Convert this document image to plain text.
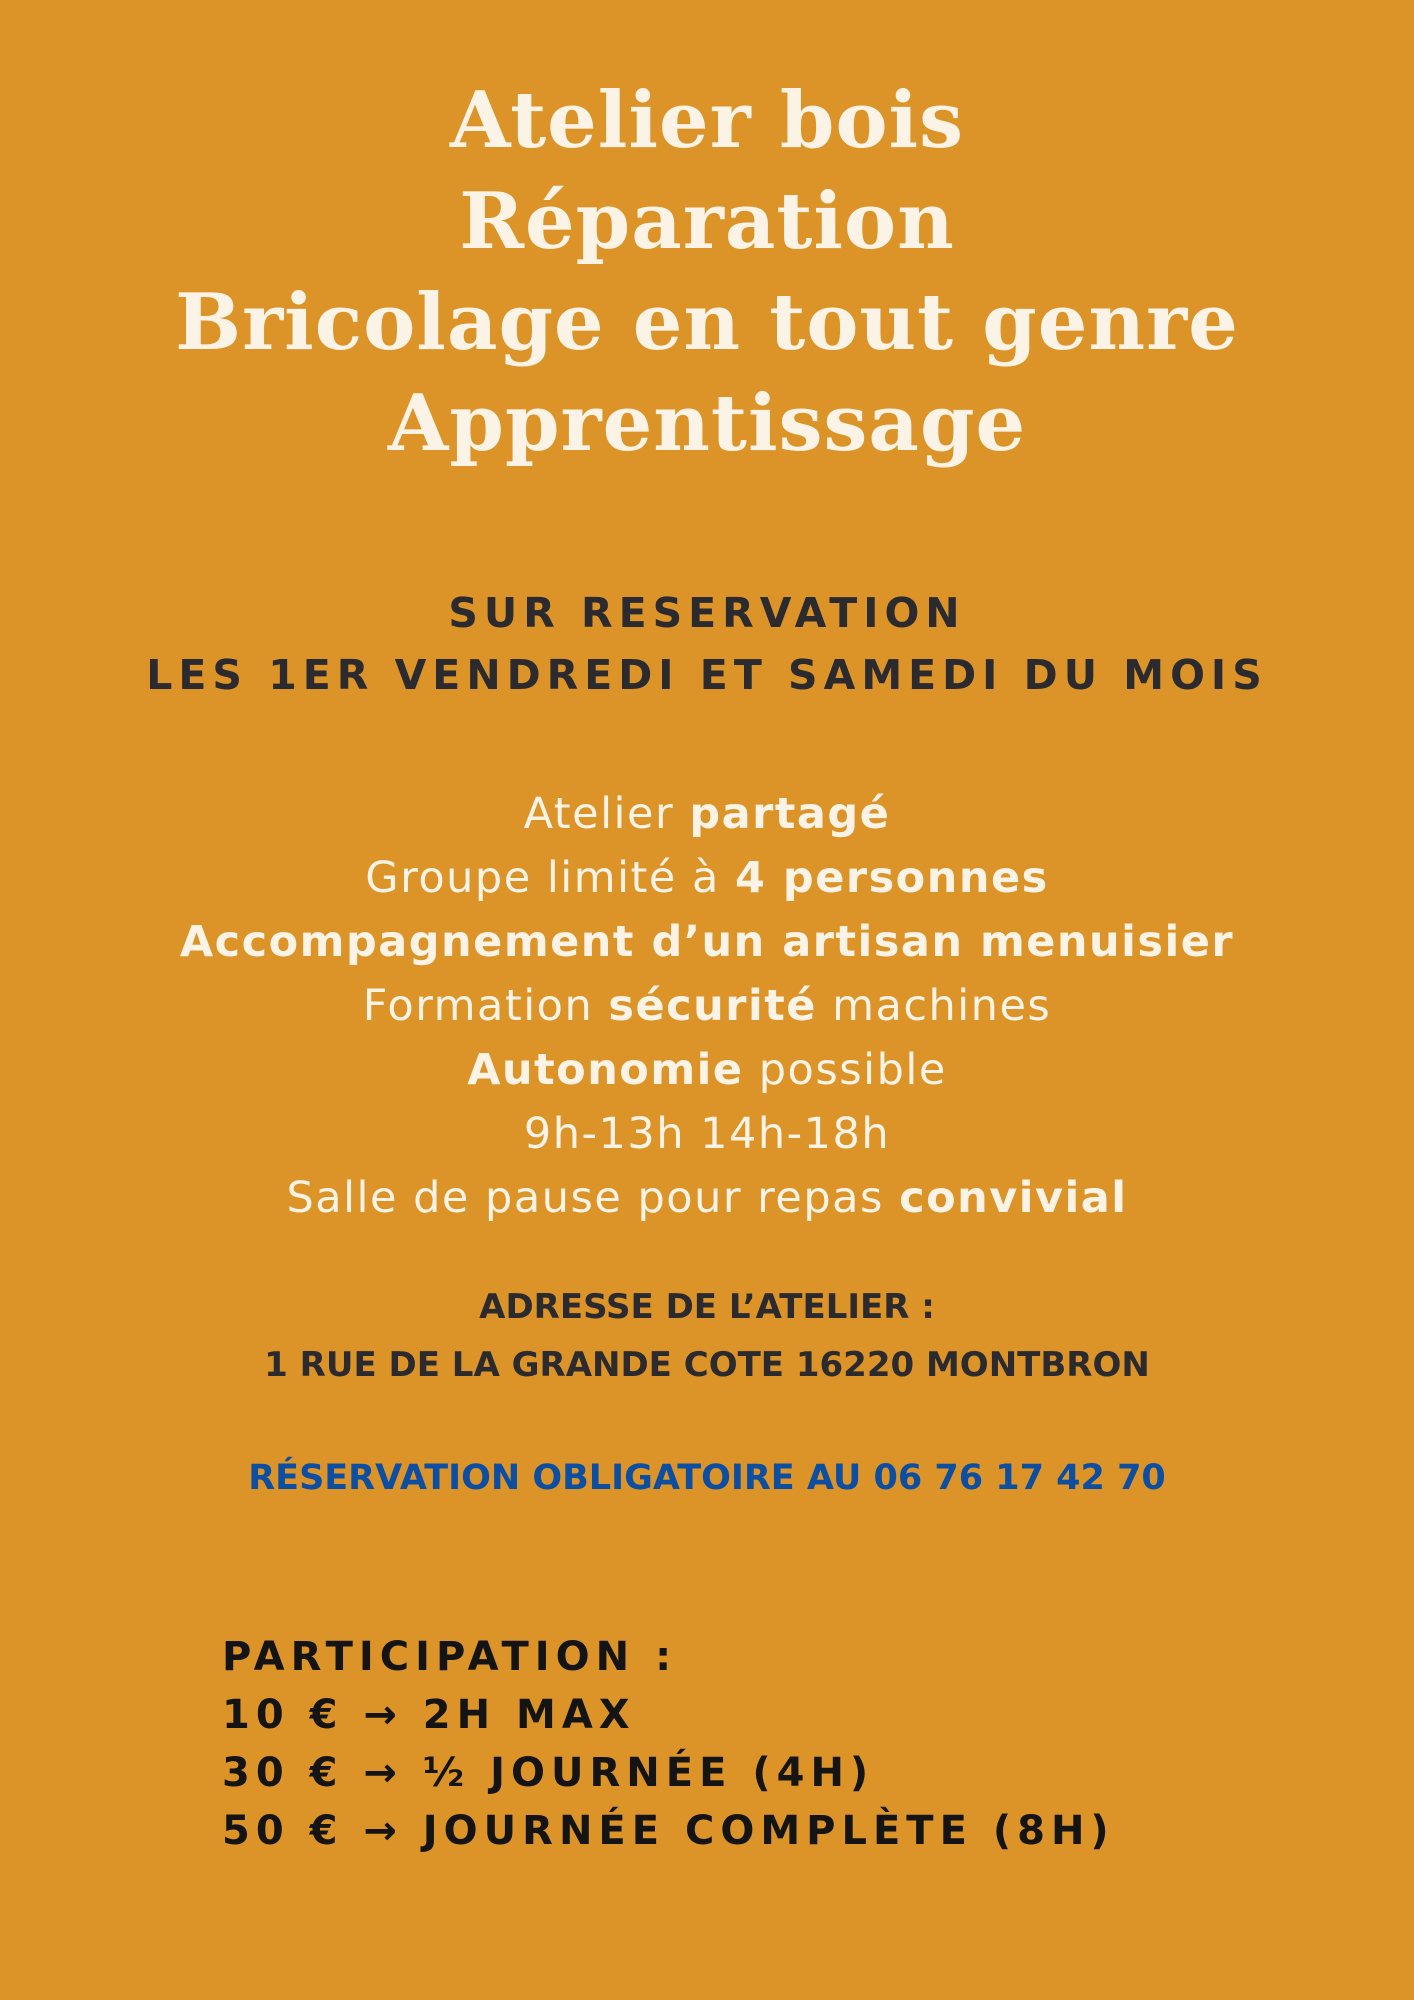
Atelier bois
Réparation
Bricolage en tout genre
Apprentissage
SUR RESERVATION
LES 1ER VENDREDI ET SAMEDI DU MOIS
Atelier partagé
Groupe limité à 4 personnes
Accompagnement d’un artisan menuisier
Formation sécurité machines
Autonomie possible
9h-13h 14h-18h
Salle de pause pour repas convivial
ADRESSE DE L’ATELIER :
1 RUE DE LA GRANDE COTE 16220 MONTBRON
RÉSERVATION OBLIGATOIRE AU 06 76 17 42 70
PARTICIPATION :
10 € → 2H MAX
30 € → ½ JOURNÉE (4H)
50 € → JOURNÉE COMPLÈTE (8H)
